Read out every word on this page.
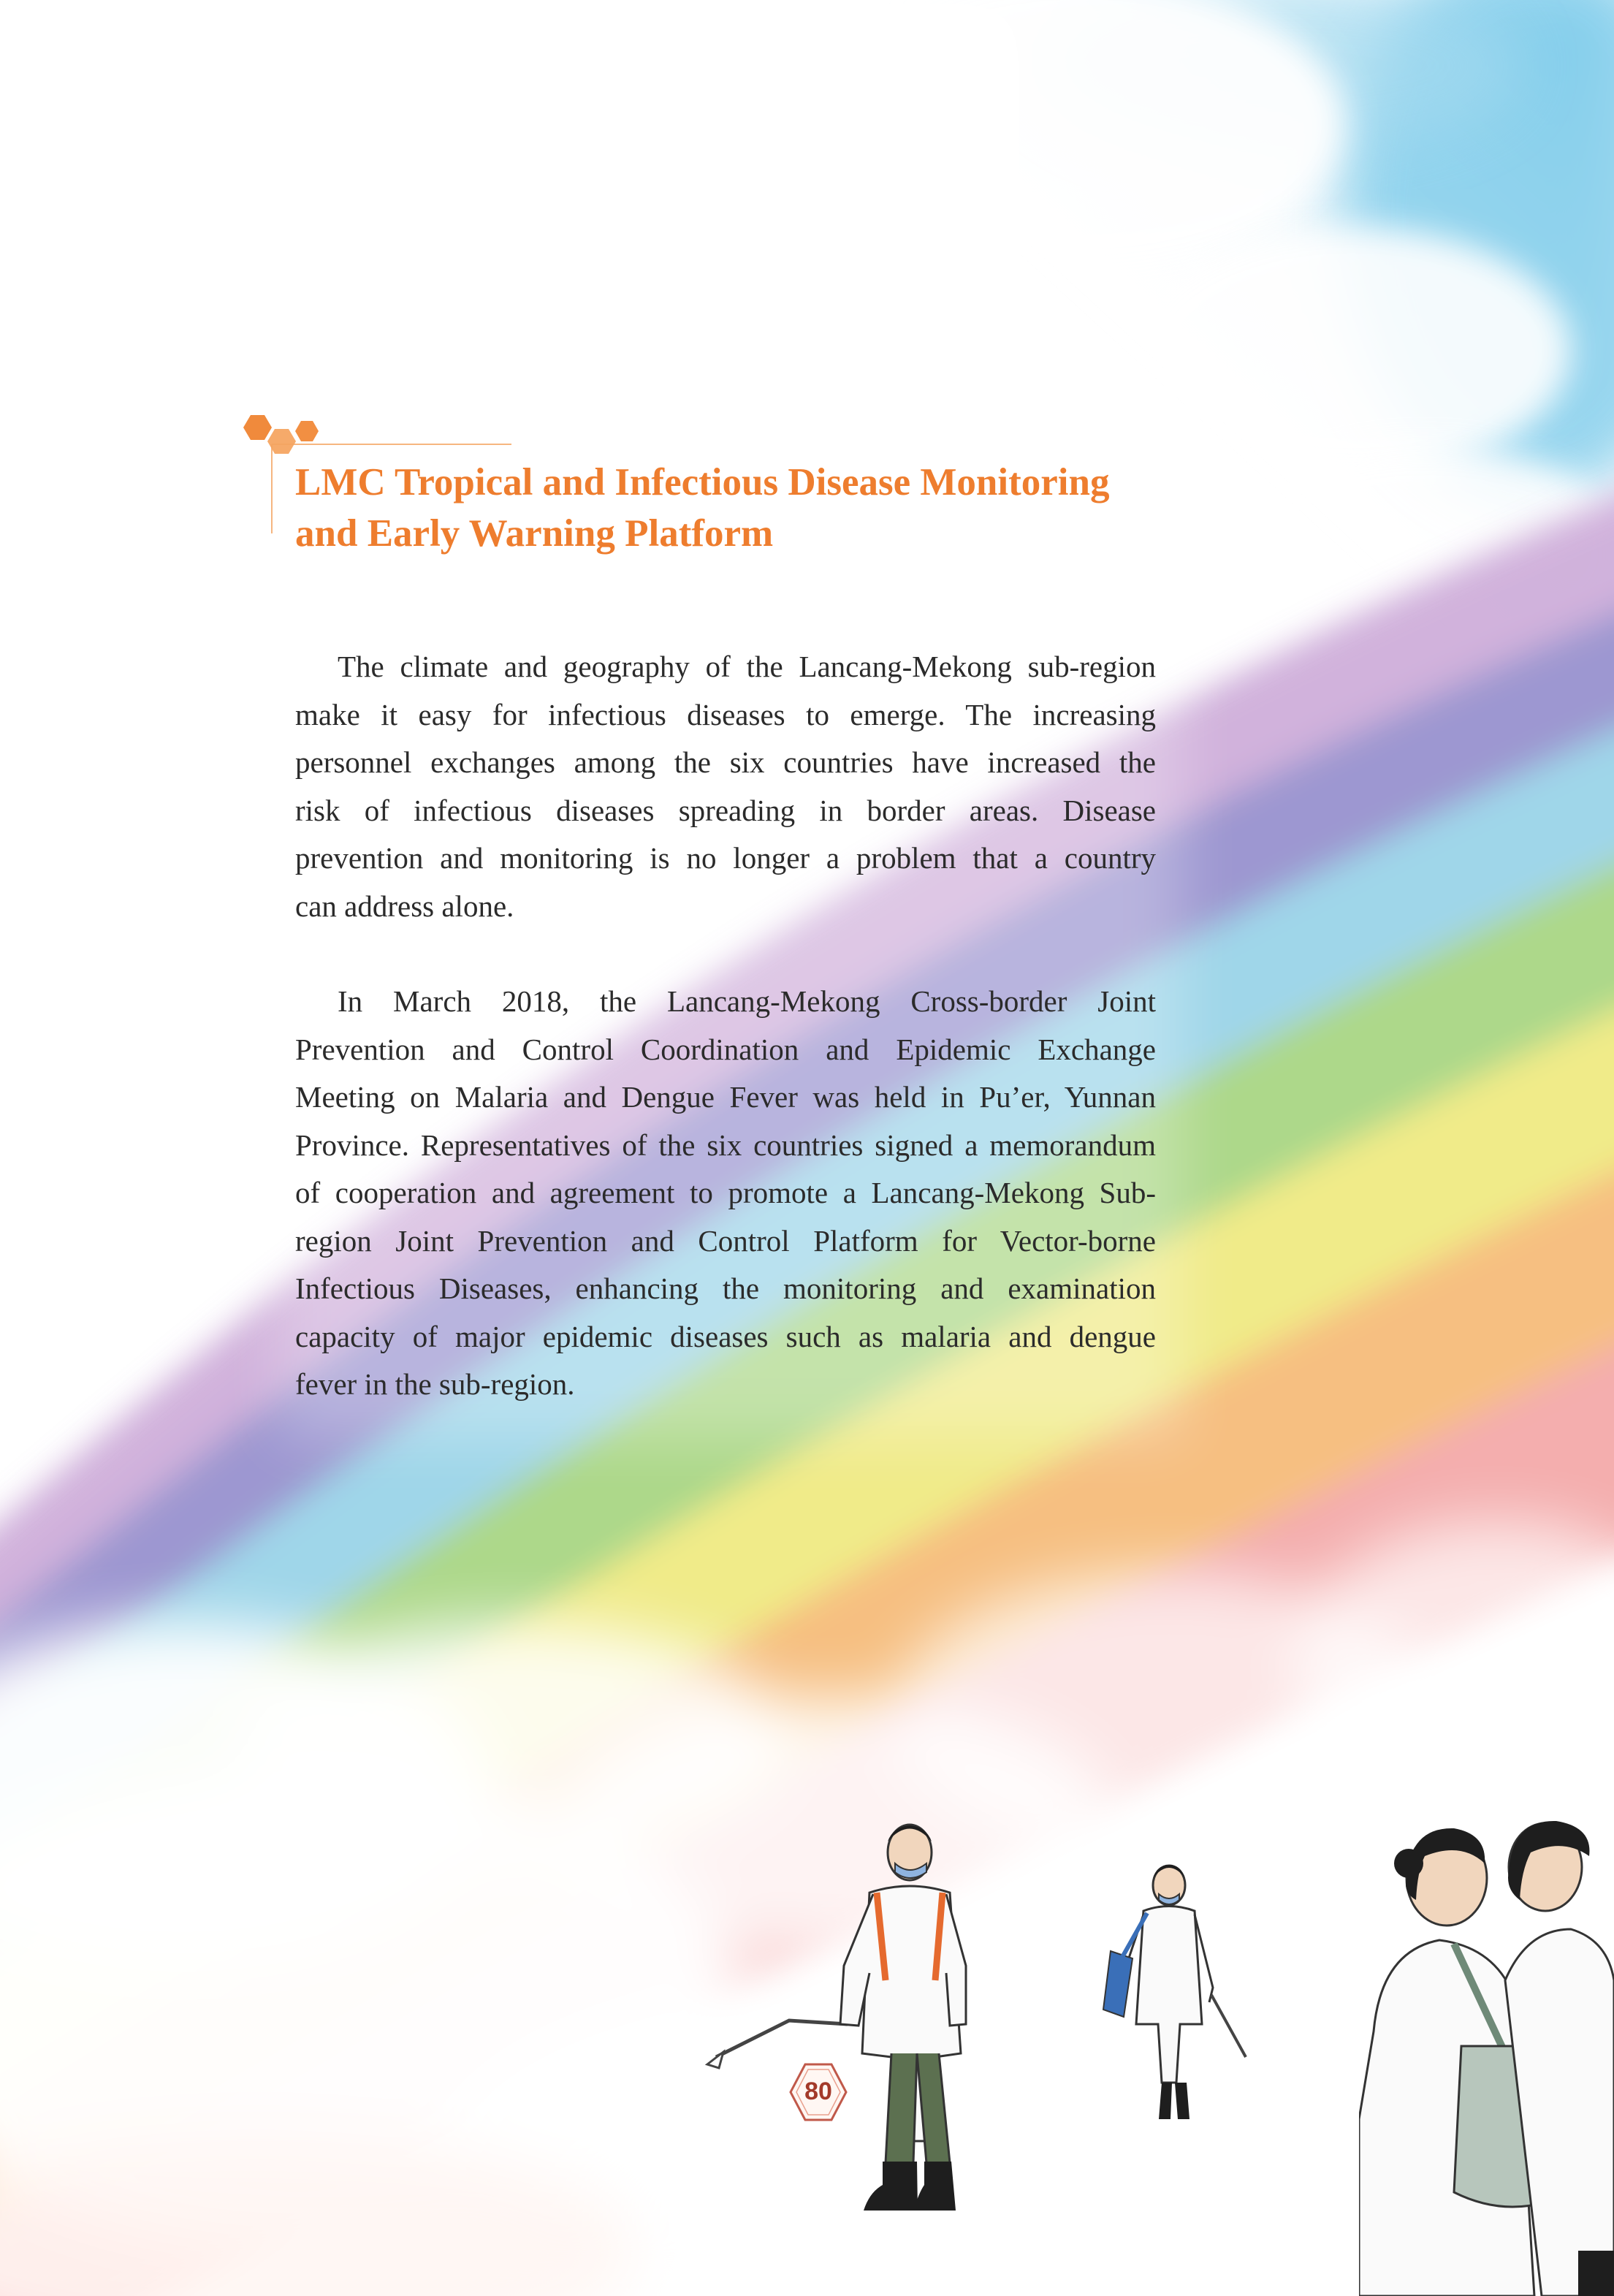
LMC Tropical and Infectious Disease Monitoring
and Early Warning Platform

The climate and geography of the Lancang-Mekong sub-region
make it easy for infectious diseases to emerge. The increasing
personnel exchanges among the six countries have increased the
risk of infectious diseases spreading in border areas. Disease
prevention and monitoring is no longer a problem that a country
can address alone.

In March 2018, the Lancang-Mekong Cross-border Joint
Prevention and Control Coordination and Epidemic Exchange
Meeting on Malaria and Dengue Fever was held in Pu’er, Yunnan
Province. Representatives of the six countries signed a memorandum
of cooperation and agreement to promote a Lancang-Mekong Sub-
region Joint Prevention and Control Platform for Vector-borne
Infectious Diseases, enhancing the monitoring and examination
capacity of major epidemic diseases such as malaria and dengue
fever in the sub-region.

80
